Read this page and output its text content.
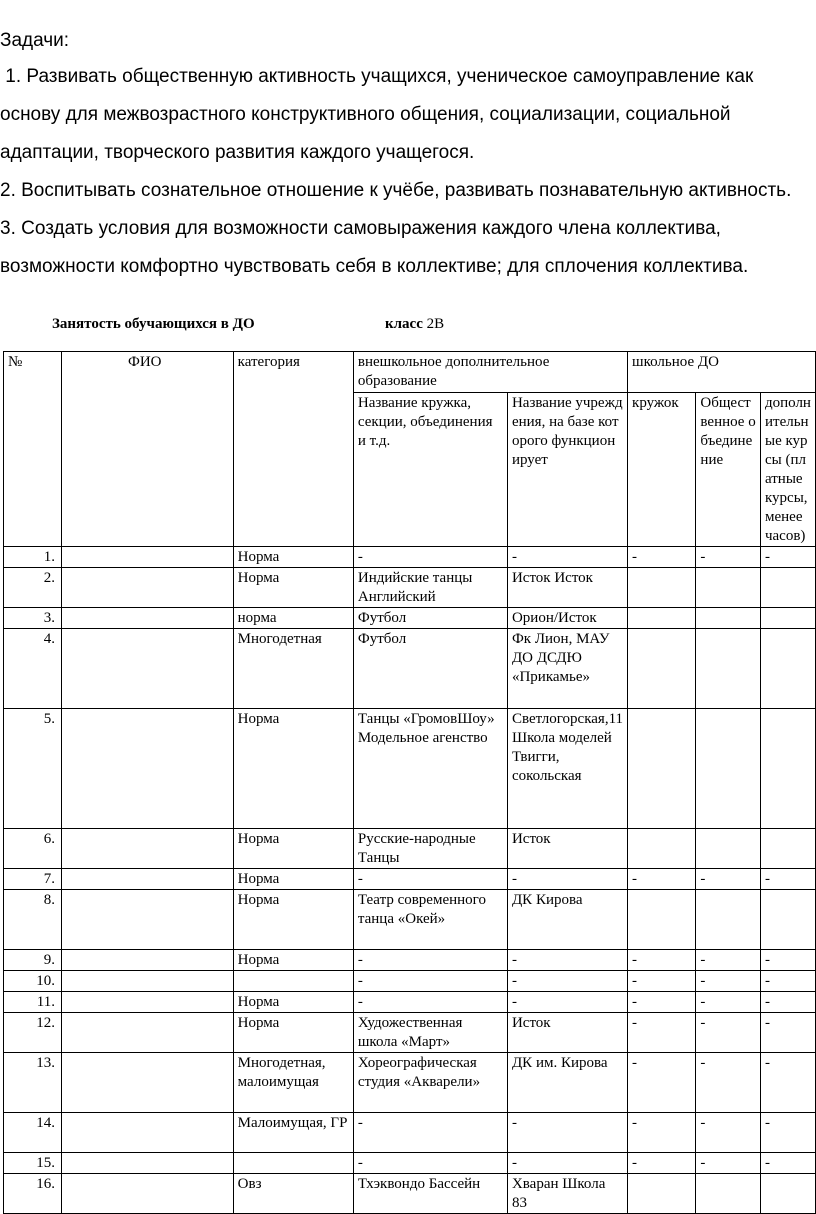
Задачи:

1. Развивать общественную активность учащихся, ученическое самоуправление как основу для межвозрастного конструктивного общения, социализации, социальной адаптации, творческого развития каждого учащегося.

2. Воспитывать сознательное отношение к учёбе, развивать познавательную активность.

3. Создать условия для возможности самовыражения каждого члена коллектива, возможности комфортно чувствовать себя в коллективе; для сплочения коллектива.

Занятость обучающихся в ДО	класс 2В
№	ФИО	категория	внешкольное дополнительное образование		школьное ДО		
			Название кружка, секции, объединения и т.д.	Название учреждения, на базе которого функционирует	кружок	Общественное объединение	дополнительные курсы (платные курсы, менее часов)
1.		Норма	-	-	-	-	-
2.		Норма	Индийские танцы Английский	Исток Исток			
3.		норма	Футбол	Орион/Исток			
4.		Многодетная	Футбол	Фк Лион, МАУ ДО ДСДЮ «Прикамье»			
5.		Норма	Танцы «ГромовШоу» Модельное агенство	Светлогорская,11 Школа моделей Твигги, сокольская			
6.		Норма	Русские-народные Танцы	Исток			
7.		Норма	-	-	-	-	-
8.		Норма	Театр современного танца «Окей»	ДК Кирова			
9.		Норма	-	-	-	-	-
10.			-	-	-	-	-
11.		Норма	-	-	-	-	-
12.		Норма	Художественная школа «Март»	Исток	-	-	-
13.		Многодетная, малоимущая	Хореографическая студия «Акварели»	ДК им. Кирова	-	-	-
14.		Малоимущая, ГР	-	-	-	-	-
15.			-	-	-	-	-
16.		Овз	Тхэквондо Бассейн	Хваран Школа 83			
